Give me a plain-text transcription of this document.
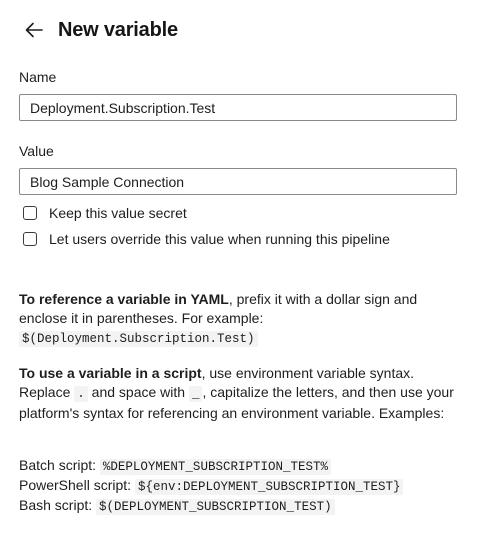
New variable
Name
Deployment.Subscription.Test
Value
Blog Sample Connection
Keep this value secret
Let users override this value when running this pipeline
To reference a variable in YAML, prefix it with a dollar sign and enclose it in parentheses. For example:
$(Deployment.Subscription.Test)
To use a variable in a script, use environment variable syntax. Replace . and space with _ , capitalize the letters, and then use your platform's syntax for referencing an environment variable. Examples:
Batch script: %DEPLOYMENT_SUBSCRIPTION_TEST%
PowerShell script: ${env:DEPLOYMENT_SUBSCRIPTION_TEST}
Bash script: $(DEPLOYMENT_SUBSCRIPTION_TEST)
